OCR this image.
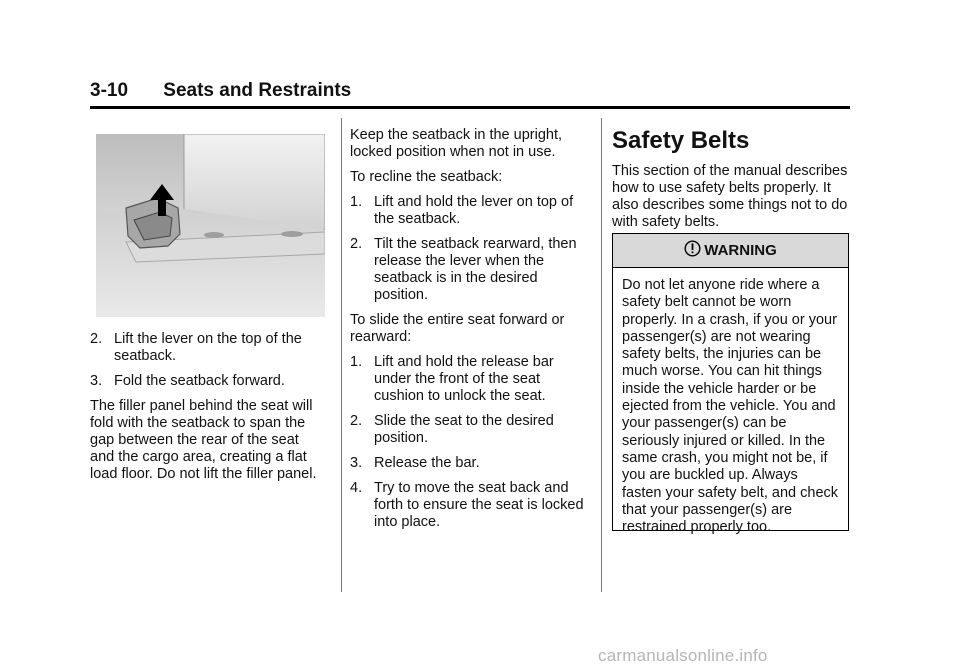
3-10 Seats and Restraints
2. Lift the lever on the top of the seatback.
3. Fold the seatback forward.

The filler panel behind the seat will fold with the seatback to span the gap between the rear of the seat and the cargo area, creating a flat load floor. Do not lift the filler panel.

Keep the seatback in the upright, locked position when not in use.

To recline the seatback:

1. Lift and hold the lever on top of the seatback.
2. Tilt the seatback rearward, then release the lever when the seatback is in the desired position.

To slide the entire seat forward or rearward:

1. Lift and hold the release bar under the front of the seat cushion to unlock the seat.
2. Slide the seat to the desired position.
3. Release the bar.
4. Try to move the seat back and forth to ensure the seat is locked into place.
Safety Belts

This section of the manual describes how to use safety belts properly. It also describes some things not to do with safety belts.

WARNING
Do not let anyone ride where a safety belt cannot be worn properly. In a crash, if you or your passenger(s) are not wearing safety belts, the injuries can be much worse. You can hit things inside the vehicle harder or be ejected from the vehicle. You and your passenger(s) can be seriously injured or killed. In the same crash, you might not be, if you are buckled up. Always fasten your safety belt, and check that your passenger(s) are restrained properly too.
carmanualsonline.info
